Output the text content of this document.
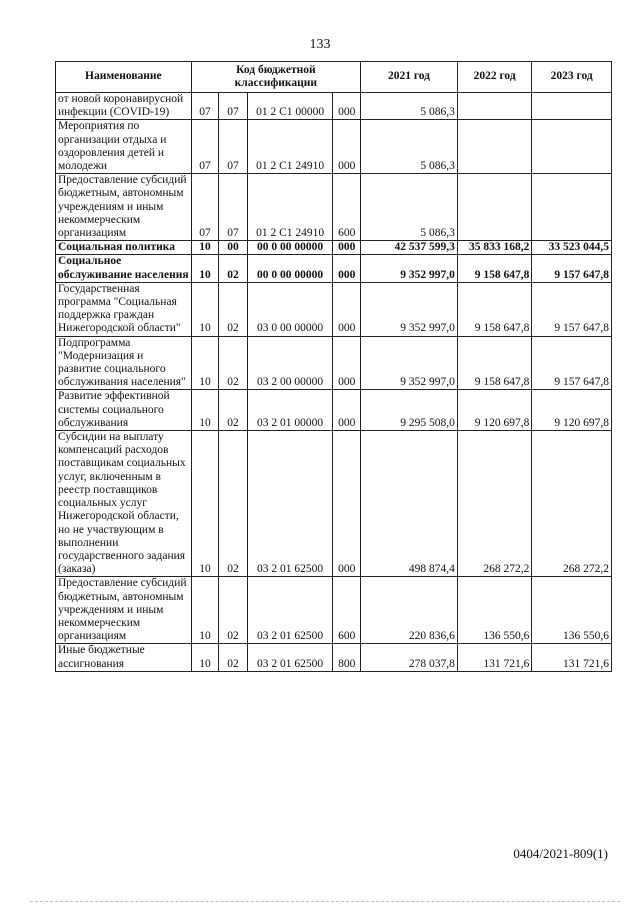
133
Наименование	Код бюджетной классификации				2021 год	2022 год	2023 год
от новой коронавирусной инфекции (COVID-19)	07	07	01 2 С1 00000	000	5 086,3		
Мероприятия по организации отдыха и оздоровления детей и молодежи	07	07	01 2 С1 24910	000	5 086,3		
Предоставление субсидий бюджетным, автономным учреждениям и иным некоммерческим организациям	07	07	01 2 С1 24910	600	5 086,3		
Социальная политика	10	00	00 0 00 00000	000	42 537 599,3	35 833 168,2	33 523 044,5
Социальное обслуживание населения	10	02	00 0 00 00000	000	9 352 997,0	9 158 647,8	9 157 647,8
Государственная программа "Социальная поддержка граждан Нижегородской области"	10	02	03 0 00 00000	000	9 352 997,0	9 158 647,8	9 157 647,8
Подпрограмма "Модернизация и развитие социального обслуживания населения"	10	02	03 2 00 00000	000	9 352 997,0	9 158 647,8	9 157 647,8
Развитие эффективной системы социального обслуживания	10	02	03 2 01 00000	000	9 295 508,0	9 120 697,8	9 120 697,8
Субсидии на выплату компенсаций расходов поставщикам социальных услуг, включенным в реестр поставщиков социальных услуг Нижегородской области, но не участвующим в выполнении государственного задания (заказа)	10	02	03 2 01 62500	000	498 874,4	268 272,2	268 272,2
Предоставление субсидий бюджетным, автономным учреждениям и иным некоммерческим организациям	10	02	03 2 01 62500	600	220 836,6	136 550,6	136 550,6
Иные бюджетные ассигнования	10	02	03 2 01 62500	800	278 037,8	131 721,6	131 721,6
0404/2021-809(1)
